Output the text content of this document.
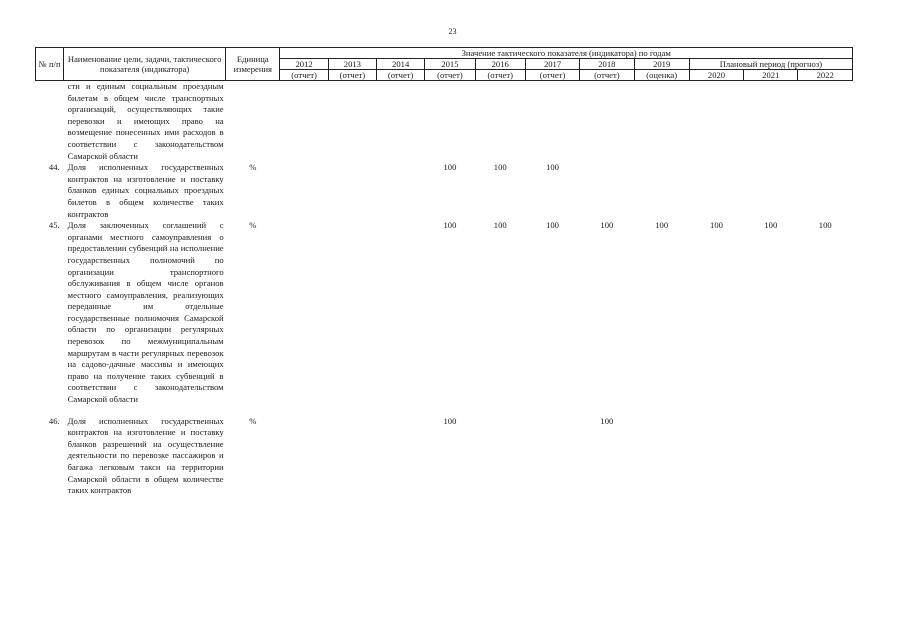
23
№ п/п	Наименование цели, задачи, тактического показателя (индикатора)	Единица измерения	Значение тактического показателя (индикатора) по годам										
			2012	2013	2014	2015	2016	2017	2018	2019	Плановый период (прогноз)		
			(отчет)	(отчет)	(отчет)	(отчет)	(отчет)	(отчет)	(отчет)	(оценка)	2020	2021	2022
	сти и единым социальным проездным билетам в общем числе транспортных организаций, осуществляющих такие перевозки и имеющих право на возмещение понесенных ими расходов в соответствии с законодательством Самарской области												
44.	Доля исполненных государственных контрактов на изготовление и поставку бланков единых социальных проездных билетов в общем количестве таких контрактов	%				100	100	100					
45.	Доля заключенных соглашений с органами местного самоуправления о предоставлении субвенций на исполнение государственных полномочий по организации транспортного обслуживания в общем числе органов местного самоуправления, реализующих переданные им отдельные государственные полномочия Самарской области по организации регулярных перевозок по межмуниципальным маршрутам в части регулярных перевозок на садово-дачные массивы и имеющих право на получение таких субвенций в соответствии с законодательством Самарской области	%				100	100	100	100	100	100	100	100

46.	Доля исполненных государственных контрактов на изготовление и поставку бланков разрешений на осуществление деятельности по перевозке пассажиров и багажа легковым такси на территории Самарской области в общем количестве таких контрактов	%				100			100				
